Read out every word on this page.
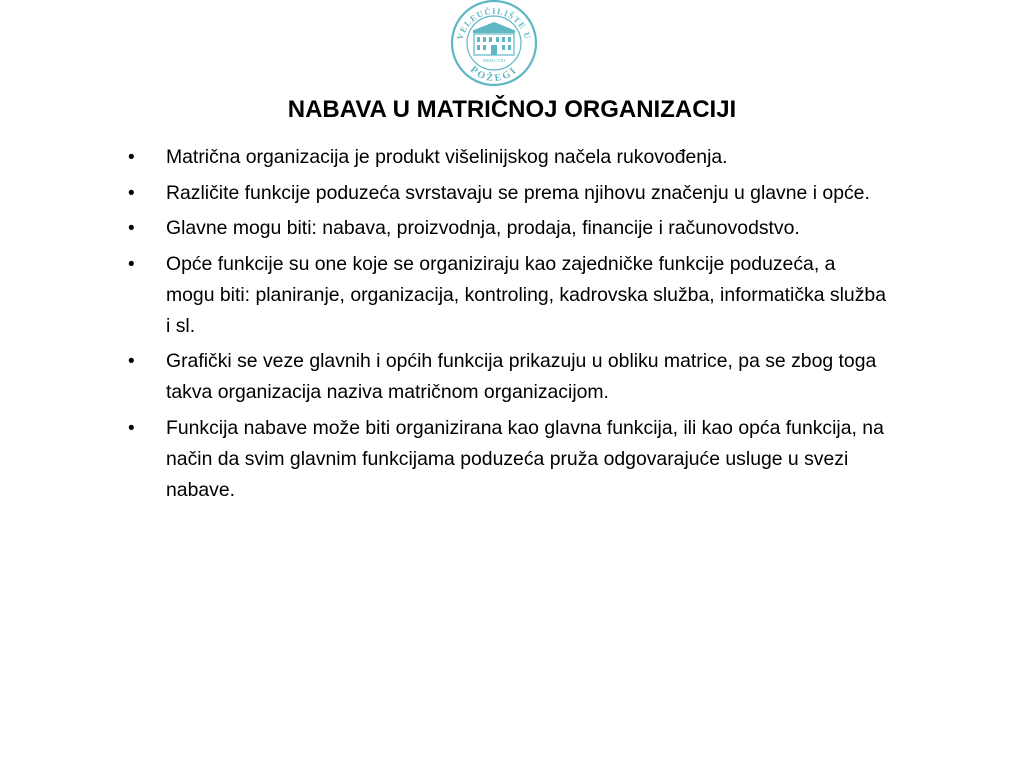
VELEUČILIŠTE U
POŽEGI
MMXCVIII
NABAVA U MATRIČNOJ ORGANIZACIJI
•	Matrična organizacija je produkt višelinijskog načela rukovođenja.
•	Različite funkcije poduzeća svrstavaju se prema njihovu značenju u glavne i opće.
•	Glavne mogu biti: nabava, proizvodnja, prodaja, financije i računovodstvo.
•	Opće funkcije su one koje se organiziraju kao zajedničke funkcije poduzeća, a mogu biti: planiranje, organizacija, kontroling, kadrovska služba, informatička služba i sl.
•	Grafički se veze glavnih i općih funkcija prikazuju u obliku matrice, pa se zbog toga takva organizacija naziva matričnom organizacijom.
•	Funkcija nabave može biti organizirana kao glavna funkcija, ili kao opća funkcija, na način da svim glavnim funkcijama poduzeća pruža odgovarajuće usluge u svezi nabave.
